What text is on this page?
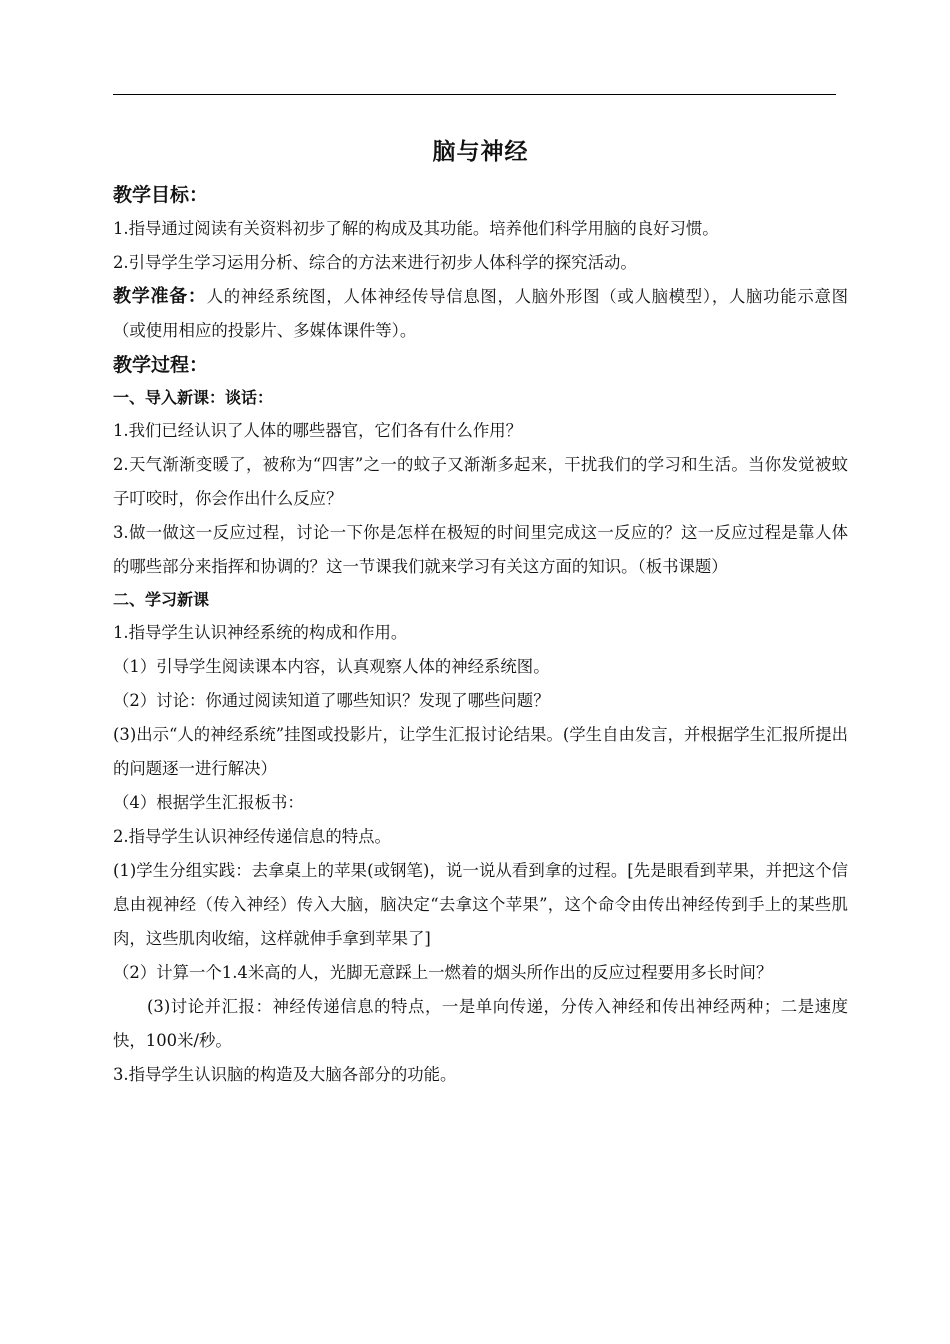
脑与神经
教学目标：
1.指导通过阅读有关资料初步了解的构成及其功能。培养他们科学用脑的良好习惯。
2.引导学生学习运用分析、综合的方法来进行初步人体科学的探究活动。
教学准备：人的神经系统图，人体神经传导信息图，人脑外形图（或人脑模型），人脑功能示意图（或使用相应的投影片、多媒体课件等）。
教学过程：
一、导入新课：谈话：
1.我们已经认识了人体的哪些器官，它们各有什么作用？
2.天气渐渐变暖了，被称为“四害”之一的蚊子又渐渐多起来，干扰我们的学习和生活。当你发觉被蚊子叮咬时，你会作出什么反应？
3.做一做这一反应过程，讨论一下你是怎样在极短的时间里完成这一反应的？这一反应过程是靠人体的哪些部分来指挥和协调的？这一节课我们就来学习有关这方面的知识。（板书课题）
二、学习新课
1.指导学生认识神经系统的构成和作用。
（1）引导学生阅读课本内容，认真观察人体的神经系统图。
（2）讨论：你通过阅读知道了哪些知识？发现了哪些问题？
(3)出示“人的神经系统”挂图或投影片，让学生汇报讨论结果。(学生自由发言，并根据学生汇报所提出的问题逐一进行解决）
（4）根据学生汇报板书：
2.指导学生认识神经传递信息的特点。
(1)学生分组实践：去拿桌上的苹果(或钢笔)，说一说从看到拿的过程。[先是眼看到苹果，并把这个信息由视神经（传入神经）传入大脑，脑决定“去拿这个苹果”，这个命令由传出神经传到手上的某些肌肉，这些肌肉收缩，这样就伸手拿到苹果了]
（2）计算一个1.4米高的人，光脚无意踩上一燃着的烟头所作出的反应过程要用多长时间？
(3)讨论并汇报：神经传递信息的特点，一是单向传递，分传入神经和传出神经两种；二是速度快，100米/秒。
3.指导学生认识脑的构造及大脑各部分的功能。
